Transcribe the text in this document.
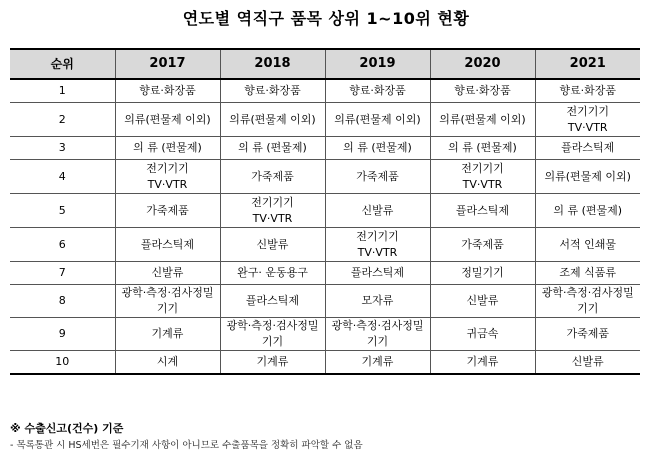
연도별 역직구 품목 상위 1~10위 현황
순위	2017	2018	2019	2020	2021
1	향료·화장품	향료·화장품	향료·화장품	향료·화장품	향료·화장품
2	의류(편물제 이외)	의류(편물제 이외)	의류(편물제 이외)	의류(편물제 이외)	전기기기
TV·VTR
3	의 류 (편물제)	의 류 (편물제)	의 류 (편물제)	의 류 (편물제)	플라스틱제
4	전기기기
TV·VTR	가죽제품	가죽제품	전기기기
TV·VTR	의류(편물제 이외)
5	가죽제품	전기기기
TV·VTR	신발류	플라스틱제	의 류 (편물제)
6	플라스틱제	신발류	전기기기
TV·VTR	가죽제품	서적 인쇄물
7	신발류	완구· 운동용구	플라스틱제	정밀기기	조제 식품류
8	광학·측정·검사정밀
기기	플라스틱제	모자류	신발류	광학·측정·검사정밀
기기
9	기계류	광학·측정·검사정밀
기기	광학·측정·검사정밀
기기	귀금속	가죽제품
10	시계	기계류	기계류	기계류	신발류
※ 수출신고(건수) 기준
- 목록통관 시 HS세번은 필수기재 사항이 아니므로 수출품목을 정확히 파악할 수 없음
